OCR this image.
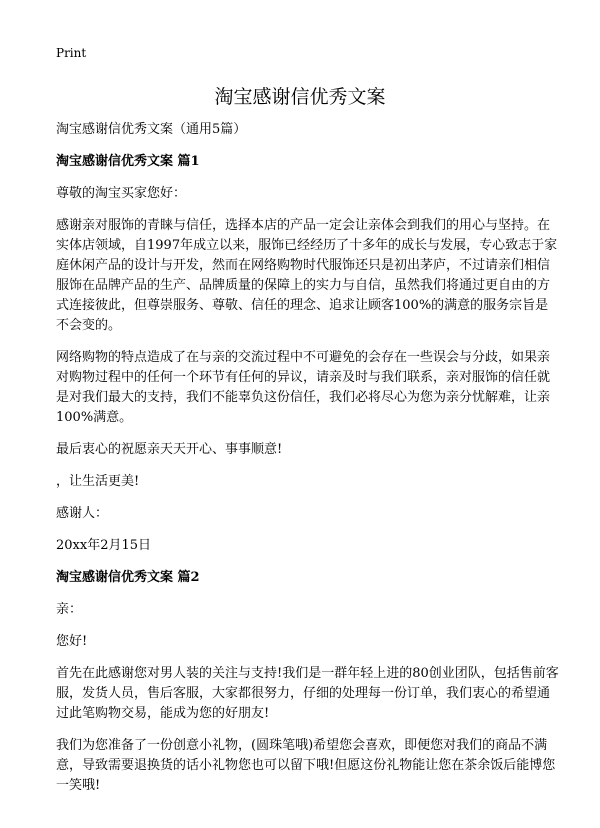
Print
淘宝感谢信优秀文案
淘宝感谢信优秀文案（通用5篇）
淘宝感谢信优秀文案 篇1

尊敬的淘宝买家您好：

感谢亲对服饰的青睐与信任，选择本店的产品一定会让亲体会到我们的用心与坚持。在实体店领域，自1997年成立以来，服饰已经经历了十多年的成长与发展，专心致志于家庭休闲产品的设计与开发，然而在网络购物时代服饰还只是初出茅庐，不过请亲们相信服饰在品牌产品的生产、品牌质量的保障上的实力与自信，虽然我们将通过更自由的方式连接彼此，但尊崇服务、尊敬、信任的理念、追求让顾客100%的满意的服务宗旨是不会变的。

网络购物的特点造成了在与亲的交流过程中不可避免的会存在一些误会与分歧，如果亲对购物过程中的任何一个环节有任何的异议，请亲及时与我们联系，亲对服饰的信任就是对我们最大的支持，我们不能辜负这份信任，我们必将尽心为您为亲分忧解难，让亲100%满意。

最后衷心的祝愿亲天天开心、事事顺意!

，让生活更美!

感谢人：

20xx年2月15日

淘宝感谢信优秀文案 篇2

亲：

您好!

首先在此感谢您对男人装的关注与支持!我们是一群年轻上进的80创业团队，包括售前客服，发货人员，售后客服，大家都很努力，仔细的处理每一份订单，我们衷心的希望通过此笔购物交易，能成为您的好朋友!

我们为您准备了一份创意小礼物，(圆珠笔哦)希望您会喜欢，即便您对我们的商品不满意，导致需要退换货的话小礼物您也可以留下哦!但愿这份礼物能让您在茶余饭后能博您一笑哦!
